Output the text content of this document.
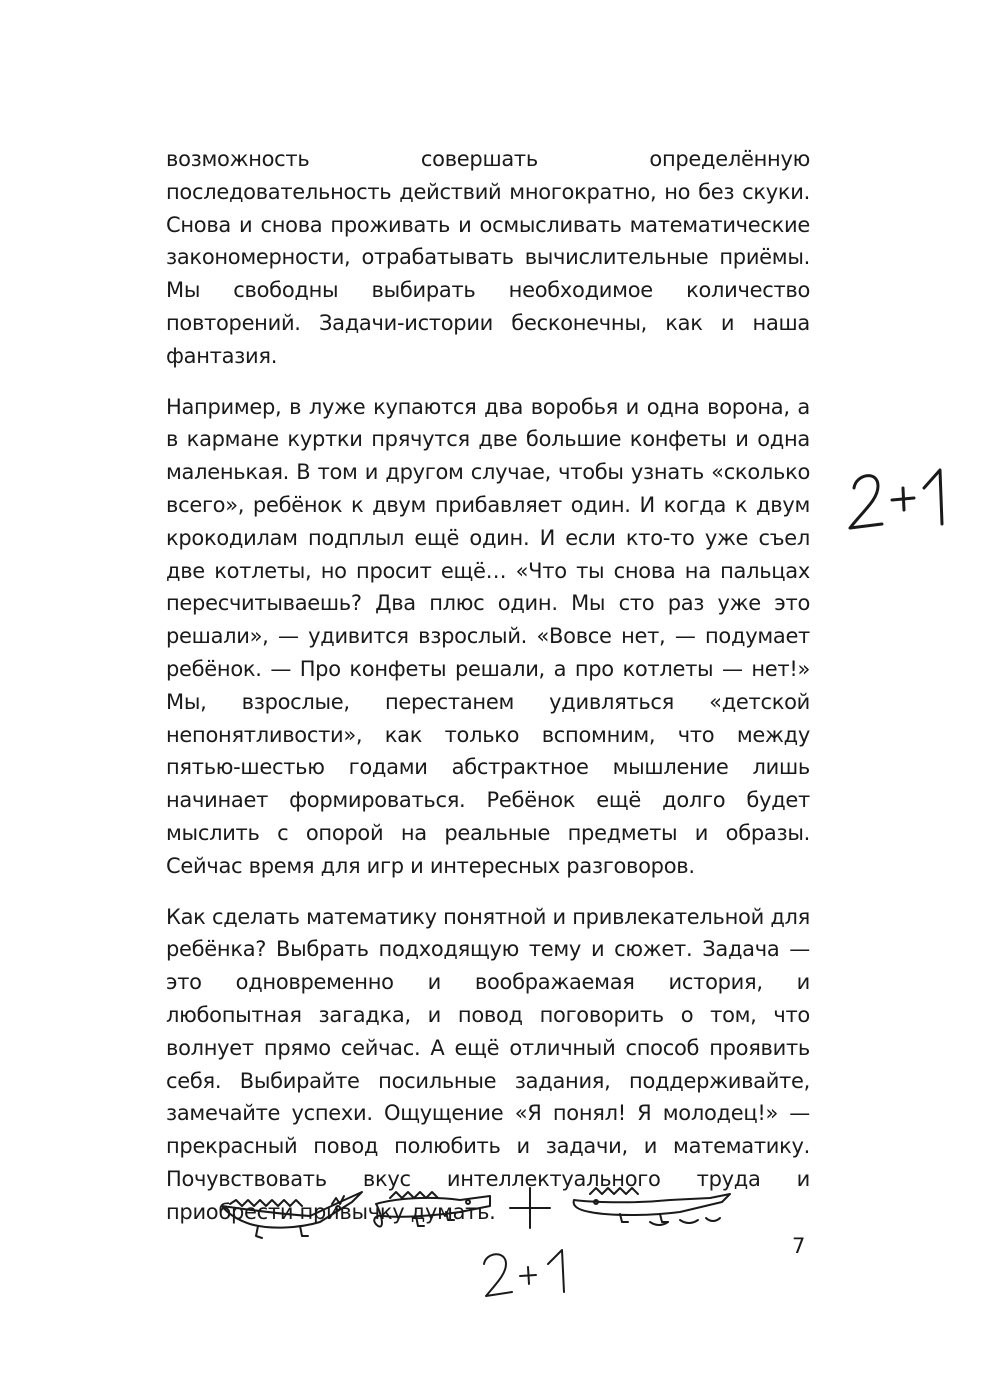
возможность совершать определённую последовательность действий многократно, но без скуки. Снова и снова проживать и осмысливать математические закономерности, отрабатывать вычислительные приёмы. Мы свободны выбирать необходимое количество повторений. Задачи-истории бесконечны, как и наша фантазия.

Например, в луже купаются два воробья и одна ворона, а в кармане куртки прячутся две большие конфеты и одна маленькая. В том и другом случае, чтобы узнать «сколько всего», ребёнок к двум прибавляет один. И когда к двум крокодилам подплыл ещё один. И если кто-то уже съел две котлеты, но просит ещё… «Что ты снова на пальцах пересчитываешь? Два плюс один. Мы сто раз уже это решали», — удивится взрослый. «Вовсе нет, — подумает ребёнок. — Про конфеты решали, а про котлеты — нет!» Мы, взрослые, перестанем удивляться «детской непонятливости», как только вспомним, что между пятью-шестью годами абстрактное мышление лишь начинает формироваться. Ребёнок ещё долго будет мыслить с опорой на реальные предметы и образы. Сейчас время для игр и интересных разговоров.

Как сделать математику понятной и привлекательной для ребёнка? Выбрать подходящую тему и сюжет. Задача — это одновременно и воображаемая история, и любопытная загадка, и повод поговорить о том, что волнует прямо сейчас. А ещё отличный способ проявить себя. Выбирайте посильные задания, поддерживайте, замечайте успехи. Ощущение «Я понял! Я молодец!» — прекрасный повод полюбить и задачи, и математику. Почувствовать вкус интеллектуального труда и приобрести привычку думать.

7
